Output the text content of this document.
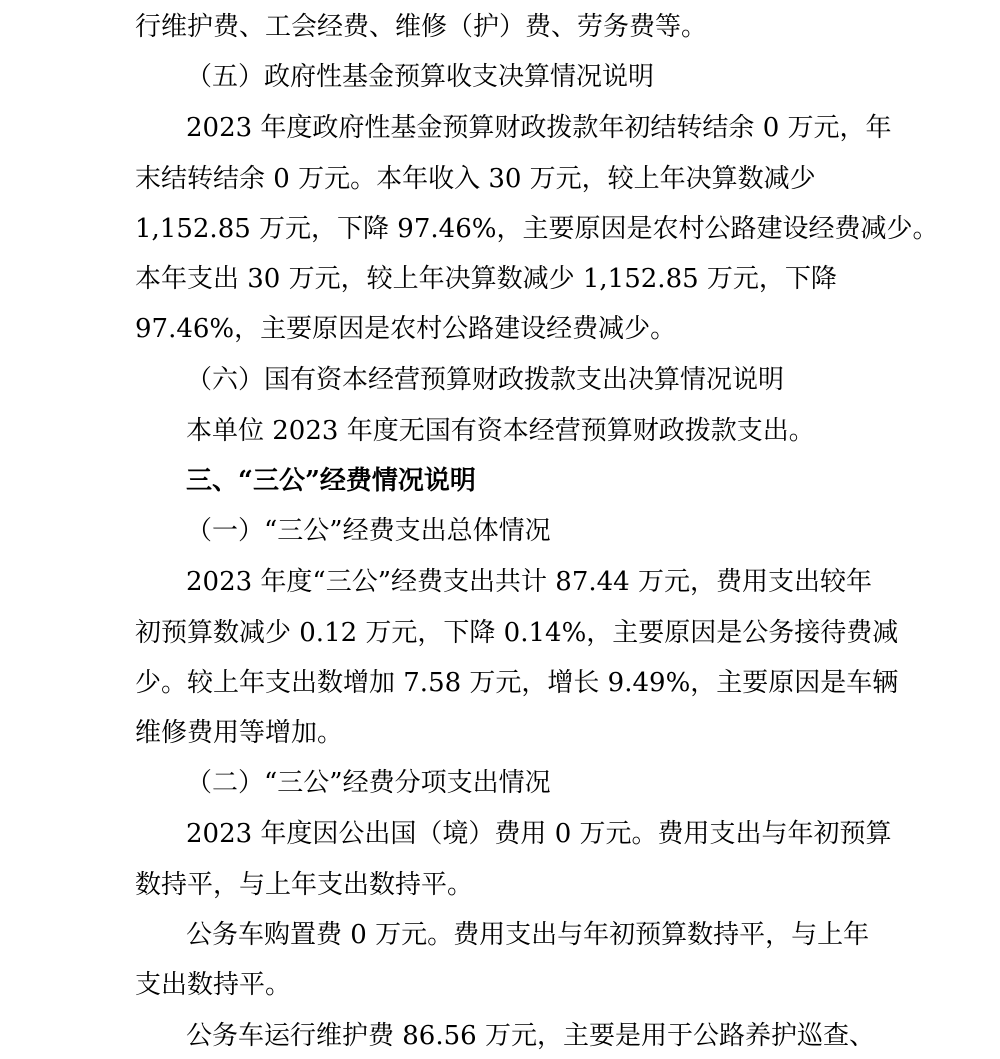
行维护费、工会经费、维修（护）费、劳务费等。

（五）政府性基金预算收支决算情况说明

2023 年度政府性基金预算财政拨款年初结转结余 0 万元，年

末结转结余 0 万元。本年收入 30 万元，较上年决算数减少

1,152.85 万元，下降 97.46%，主要原因是农村公路建设经费减少。

本年支出 30 万元，较上年决算数减少 1,152.85 万元，下降

97.46%，主要原因是农村公路建设经费减少。

（六）国有资本经营预算财政拨款支出决算情况说明

本单位 2023 年度无国有资本经营预算财政拨款支出。

三、“三公”经费情况说明

（一）“三公”经费支出总体情况

2023 年度“三公”经费支出共计 87.44 万元，费用支出较年

初预算数减少 0.12 万元，下降 0.14%，主要原因是公务接待费减

少。较上年支出数增加 7.58 万元，增长 9.49%，主要原因是车辆

维修费用等增加。

（二）“三公”经费分项支出情况

2023 年度因公出国（境）费用 0 万元。费用支出与年初预算

数持平，与上年支出数持平。

公务车购置费 0 万元。费用支出与年初预算数持平，与上年

支出数持平。

公务车运行维护费 86.56 万元，主要是用于公路养护巡查、
